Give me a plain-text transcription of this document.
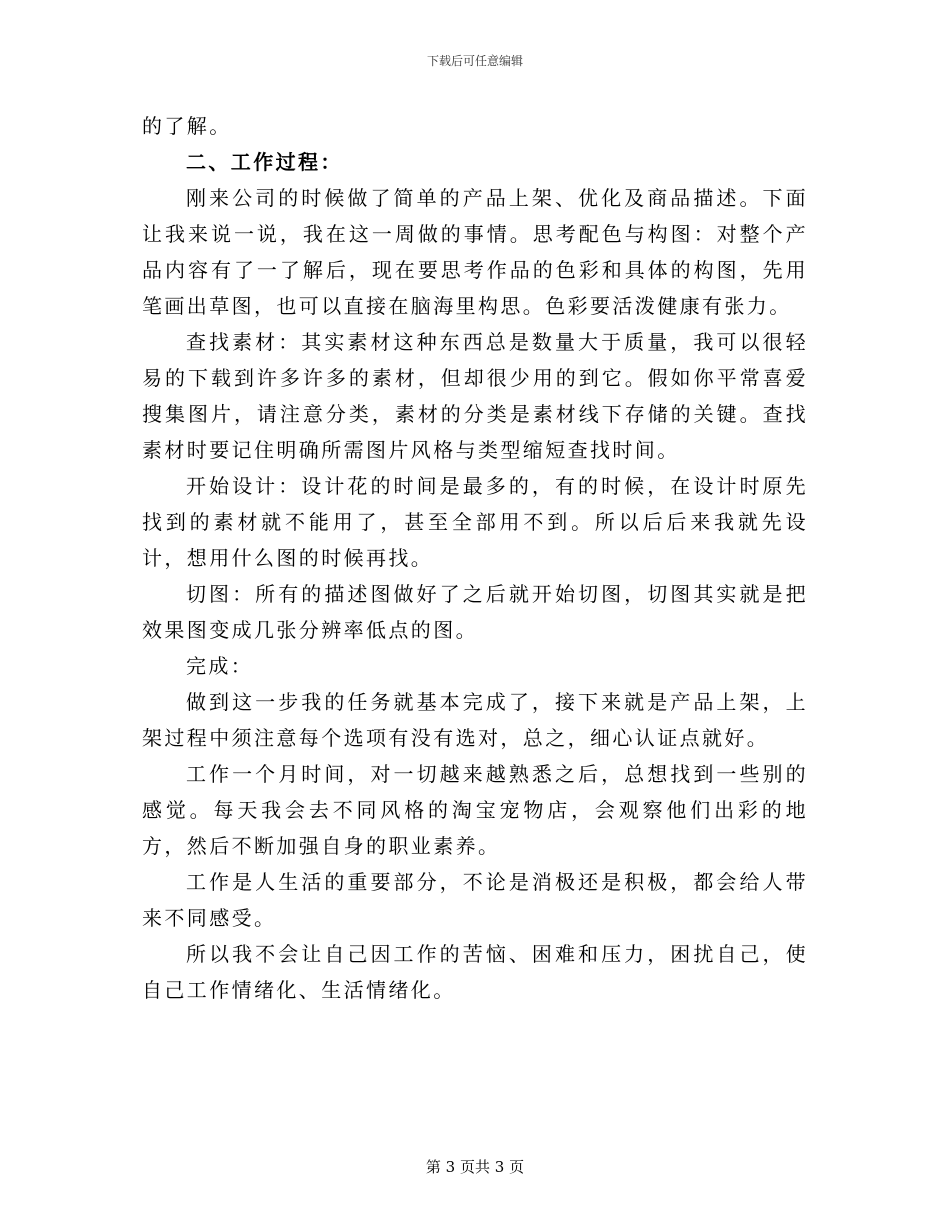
下载后可任意编辑

的了解。

二、工作过程：

刚来公司的时候做了简单的产品上架、优化及商品描述。下面让我来说一说，我在这一周做的事情。思考配色与构图：对整个产品内容有了一了解后，现在要思考作品的色彩和具体的构图，先用笔画出草图，也可以直接在脑海里构思。色彩要活泼健康有张力。

查找素材：其实素材这种东西总是数量大于质量，我可以很轻易的下载到许多许多的素材，但却很少用的到它。假如你平常喜爱搜集图片，请注意分类，素材的分类是素材线下存储的关键。查找素材时要记住明确所需图片风格与类型缩短查找时间。

开始设计：设计花的时间是最多的，有的时候，在设计时原先找到的素材就不能用了，甚至全部用不到。所以后后来我就先设计，想用什么图的时候再找。

切图：所有的描述图做好了之后就开始切图，切图其实就是把效果图变成几张分辨率低点的图。

完成：

做到这一步我的任务就基本完成了，接下来就是产品上架，上架过程中须注意每个选项有没有选对，总之，细心认证点就好。

工作一个月时间，对一切越来越熟悉之后，总想找到一些别的感觉。每天我会去不同风格的淘宝宠物店，会观察他们出彩的地方，然后不断加强自身的职业素养。

工作是人生活的重要部分，不论是消极还是积极，都会给人带来不同感受。

所以我不会让自己因工作的苦恼、困难和压力，困扰自己，使自己工作情绪化、生活情绪化。

第 3 页共 3 页
